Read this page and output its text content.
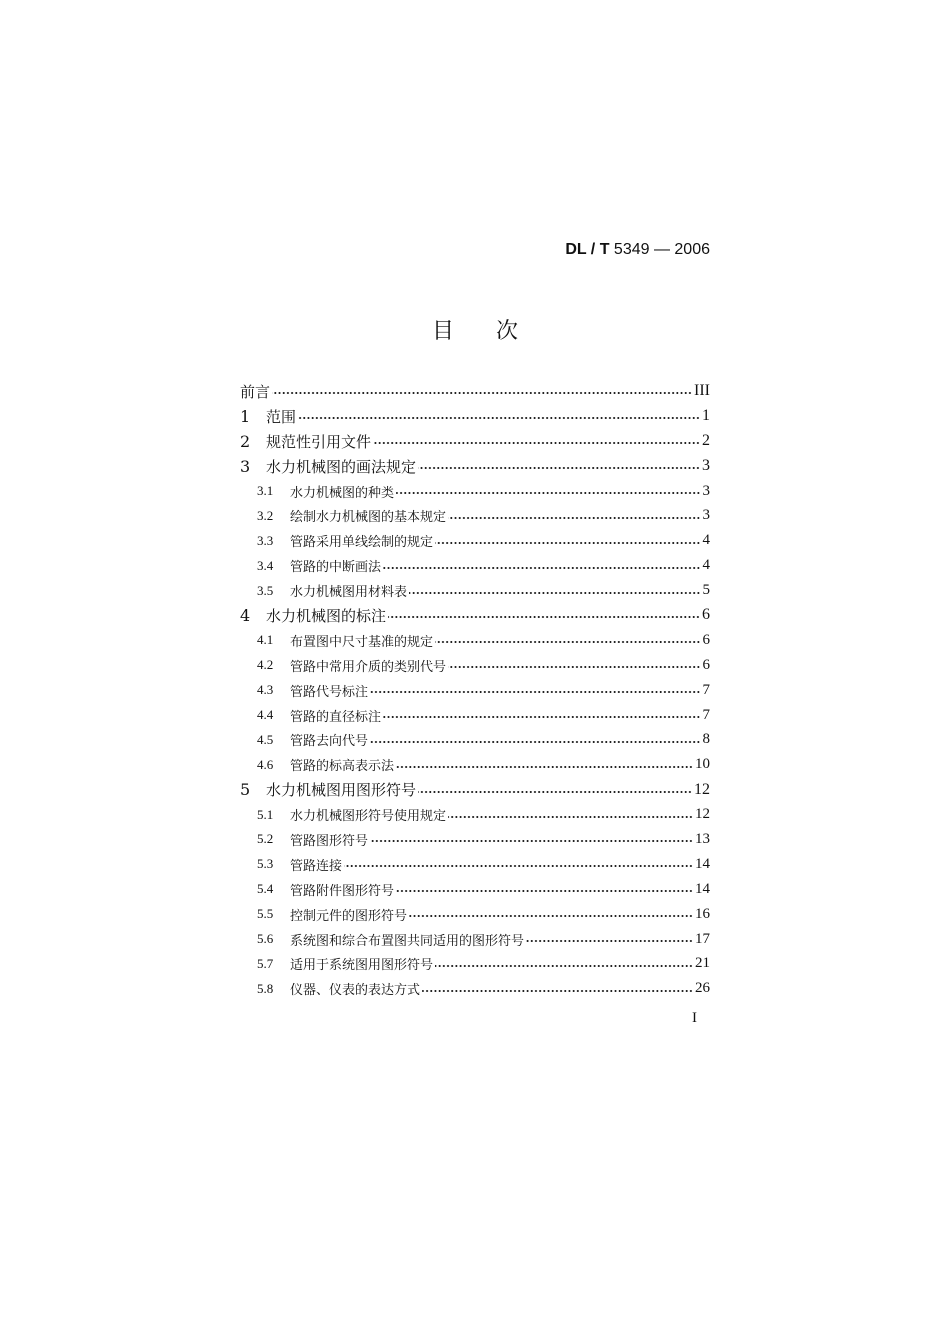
DL / T 5349 — 2006
目次
前言	III
1	范围	1
2	规范性引用文件	2
3	水力机械图的画法规定	3
3.1	水力机械图的种类	3
3.2	绘制水力机械图的基本规定	3
3.3	管路采用单线绘制的规定	4
3.4	管路的中断画法	4
3.5	水力机械图用材料表	5
4	水力机械图的标注	6
4.1	布置图中尺寸基准的规定	6
4.2	管路中常用介质的类别代号	6
4.3	管路代号标注	7
4.4	管路的直径标注	7
4.5	管路去向代号	8
4.6	管路的标高表示法	10
5	水力机械图用图形符号	12
5.1	水力机械图形符号使用规定	12
5.2	管路图形符号	13
5.3	管路连接	14
5.4	管路附件图形符号	14
5.5	控制元件的图形符号	16
5.6	系统图和综合布置图共同适用的图形符号	17
5.7	适用于系统图用图形符号	21
5.8	仪器、仪表的表达方式	26
I
